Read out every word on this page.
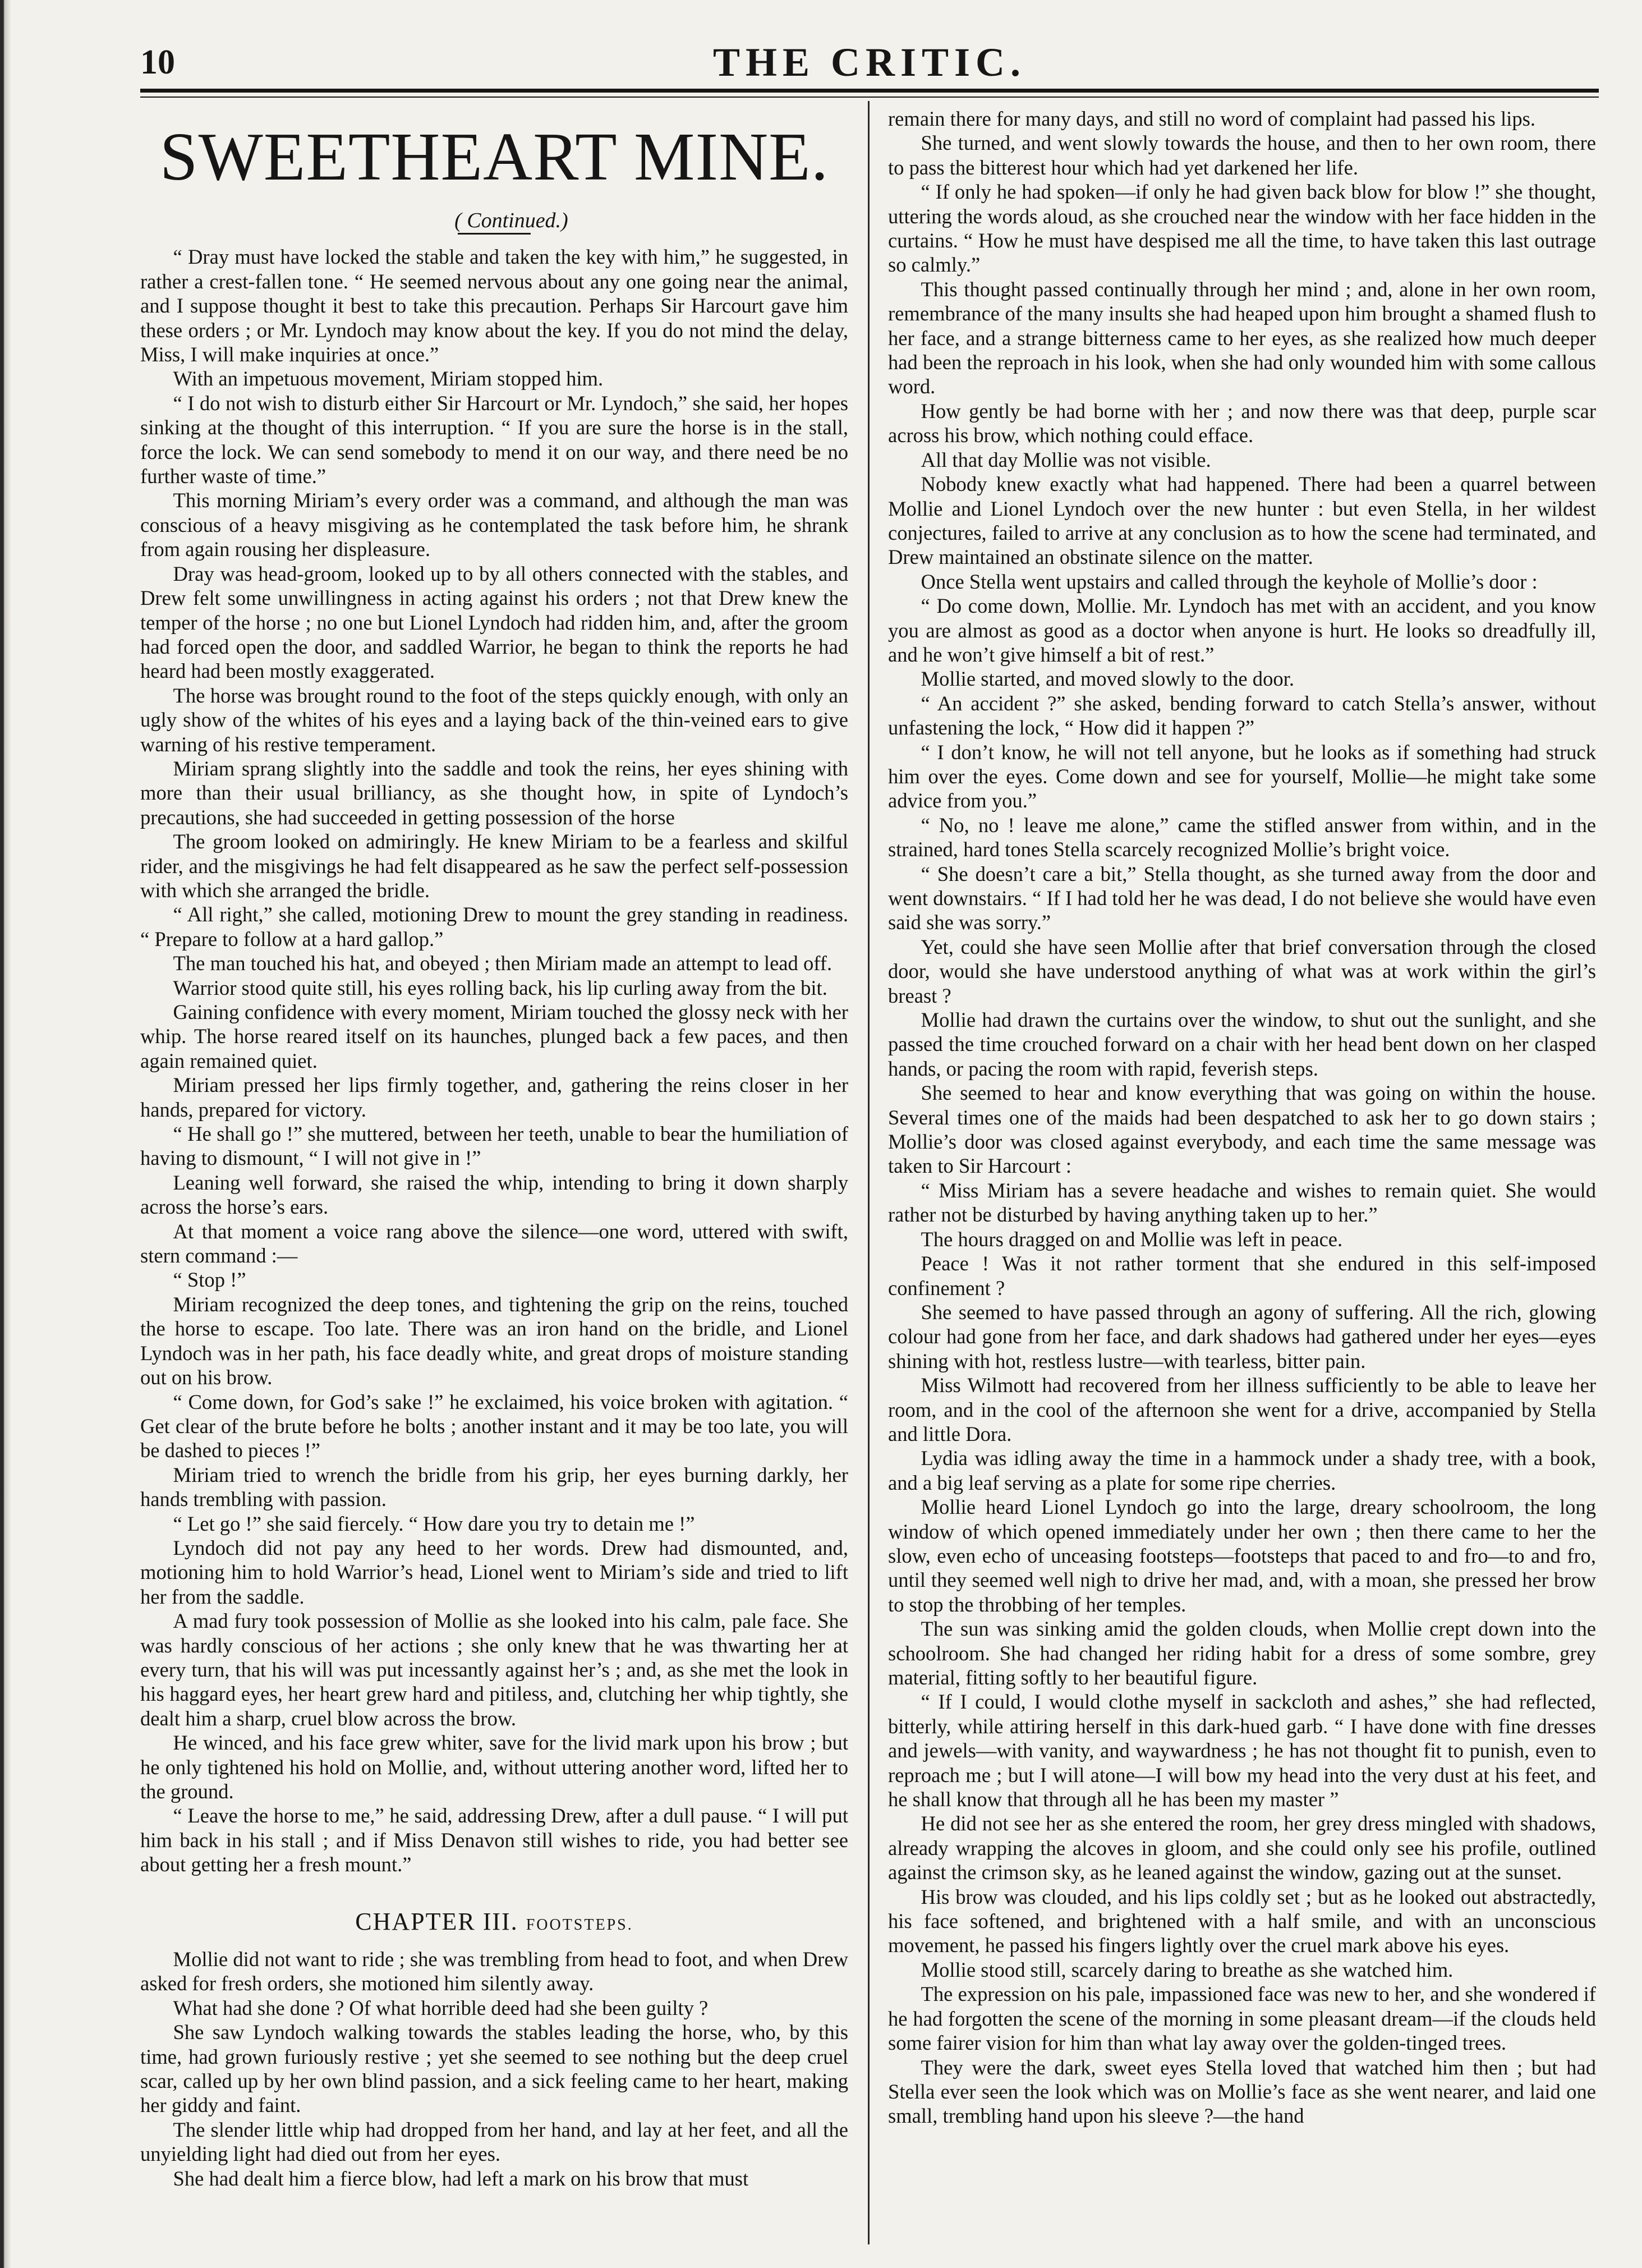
10	THE CRITIC.

SWEETHEART MINE.

( Continued.)

“ Dray must have locked the stable and taken the key with him,” he suggested, in rather a crest-fallen tone. “ He seemed nervous about any one going near the animal, and I suppose thought it best to take this precaution. Perhaps Sir Harcourt gave him these orders ; or Mr. Lyndoch may know about the key. If you do not mind the delay, Miss, I will make inquiries at once.”

With an impetuous movement, Miriam stopped him.

“ I do not wish to disturb either Sir Harcourt or Mr. Lyndoch,” she said, her hopes sinking at the thought of this interruption. “ If you are sure the horse is in the stall, force the lock. We can send somebody to mend it on our way, and there need be no further waste of time.”

This morning Miriam’s every order was a command, and although the man was conscious of a heavy misgiving as he contemplated the task before him, he shrank from again rousing her displeasure.

Dray was head-groom, looked up to by all others connected with the stables, and Drew felt some unwillingness in acting against his orders ; not that Drew knew the temper of the horse ; no one but Lionel Lyndoch had ridden him, and, after the groom had forced open the door, and saddled Warrior, he began to think the reports he had heard had been mostly exaggerated.

The horse was brought round to the foot of the steps quickly enough, with only an ugly show of the whites of his eyes and a laying back of the thin-veined ears to give warning of his restive temperament.

Miriam sprang slightly into the saddle and took the reins, her eyes shining with more than their usual brilliancy, as she thought how, in spite of Lyndoch’s precautions, she had succeeded in getting possession of the horse

The groom looked on admiringly. He knew Miriam to be a fearless and skilful rider, and the misgivings he had felt disappeared as he saw the perfect self-possession with which she arranged the bridle.

“ All right,” she called, motioning Drew to mount the grey standing in readiness. “ Prepare to follow at a hard gallop.”

The man touched his hat, and obeyed ; then Miriam made an attempt to lead off.

Warrior stood quite still, his eyes rolling back, his lip curling away from the bit.

Gaining confidence with every moment, Miriam touched the glossy neck with her whip. The horse reared itself on its haunches, plunged back a few paces, and then again remained quiet.

Miriam pressed her lips firmly together, and, gathering the reins closer in her hands, prepared for victory.

“ He shall go !” she muttered, between her teeth, unable to bear the humiliation of having to dismount, “ I will not give in !”

Leaning well forward, she raised the whip, intending to bring it down sharply across the horse’s ears.

At that moment a voice rang above the silence—one word, uttered with swift, stern command :—

“ Stop !”

Miriam recognized the deep tones, and tightening the grip on the reins, touched the horse to escape. Too late. There was an iron hand on the bridle, and Lionel Lyndoch was in her path, his face deadly white, and great drops of moisture standing out on his brow.

“ Come down, for God’s sake !” he exclaimed, his voice broken with agitation. “ Get clear of the brute before he bolts ; another instant and it may be too late, you will be dashed to pieces !”

Miriam tried to wrench the bridle from his grip, her eyes burning darkly, her hands trembling with passion.

“ Let go !” she said fiercely. “ How dare you try to detain me !”

Lyndoch did not pay any heed to her words. Drew had dismounted, and, motioning him to hold Warrior’s head, Lionel went to Miriam’s side and tried to lift her from the saddle.

A mad fury took possession of Mollie as she looked into his calm, pale face. She was hardly conscious of her actions ; she only knew that he was thwarting her at every turn, that his will was put incessantly against her’s ; and, as she met the look in his haggard eyes, her heart grew hard and pitiless, and, clutching her whip tightly, she dealt him a sharp, cruel blow across the brow.

He winced, and his face grew whiter, save for the livid mark upon his brow ; but he only tightened his hold on Mollie, and, without uttering another word, lifted her to the ground.

“ Leave the horse to me,” he said, addressing Drew, after a dull pause. “ I will put him back in his stall ; and if Miss Denavon still wishes to ride, you had better see about getting her a fresh mount.”

CHAPTER III. FOOTSTEPS.

Mollie did not want to ride ; she was trembling from head to foot, and when Drew asked for fresh orders, she motioned him silently away.

What had she done ? Of what horrible deed had she been guilty ?

She saw Lyndoch walking towards the stables leading the horse, who, by this time, had grown furiously restive ; yet she seemed to see nothing but the deep cruel scar, called up by her own blind passion, and a sick feeling came to her heart, making her giddy and faint.

The slender little whip had dropped from her hand, and lay at her feet, and all the unyielding light had died out from her eyes.

She had dealt him a fierce blow, had left a mark on his brow that must

remain there for many days, and still no word of complaint had passed his lips.

She turned, and went slowly towards the house, and then to her own room, there to pass the bitterest hour which had yet darkened her life.

“ If only he had spoken—if only he had given back blow for blow !” she thought, uttering the words aloud, as she crouched near the window with her face hidden in the curtains. “ How he must have despised me all the time, to have taken this last outrage so calmly.”

This thought passed continually through her mind ; and, alone in her own room, remembrance of the many insults she had heaped upon him brought a shamed flush to her face, and a strange bitterness came to her eyes, as she realized how much deeper had been the reproach in his look, when she had only wounded him with some callous word.

How gently be had borne with her ; and now there was that deep, purple scar across his brow, which nothing could efface.

All that day Mollie was not visible.

Nobody knew exactly what had happened. There had been a quarrel between Mollie and Lionel Lyndoch over the new hunter : but even Stella, in her wildest conjectures, failed to arrive at any conclusion as to how the scene had terminated, and Drew maintained an obstinate silence on the matter.

Once Stella went upstairs and called through the keyhole of Mollie’s door :

“ Do come down, Mollie. Mr. Lyndoch has met with an accident, and you know you are almost as good as a doctor when anyone is hurt. He looks so dreadfully ill, and he won’t give himself a bit of rest.”

Mollie started, and moved slowly to the door.

“ An accident ?” she asked, bending forward to catch Stella’s answer, without unfastening the lock, “ How did it happen ?”

“ I don’t know, he will not tell anyone, but he looks as if something had struck him over the eyes. Come down and see for yourself, Mollie—he might take some advice from you.”

“ No, no ! leave me alone,” came the stifled answer from within, and in the strained, hard tones Stella scarcely recognized Mollie’s bright voice.

“ She doesn’t care a bit,” Stella thought, as she turned away from the door and went downstairs. “ If I had told her he was dead, I do not believe she would have even said she was sorry.”

Yet, could she have seen Mollie after that brief conversation through the closed door, would she have understood anything of what was at work within the girl’s breast ?

Mollie had drawn the curtains over the window, to shut out the sunlight, and she passed the time crouched forward on a chair with her head bent down on her clasped hands, or pacing the room with rapid, feverish steps.

She seemed to hear and know everything that was going on within the house. Several times one of the maids had been despatched to ask her to go down stairs ; Mollie’s door was closed against everybody, and each time the same message was taken to Sir Harcourt :

“ Miss Miriam has a severe headache and wishes to remain quiet. She would rather not be disturbed by having anything taken up to her.”

The hours dragged on and Mollie was left in peace.

Peace ! Was it not rather torment that she endured in this self-imposed confinement ?

She seemed to have passed through an agony of suffering. All the rich, glowing colour had gone from her face, and dark shadows had gathered under her eyes—eyes shining with hot, restless lustre—with tearless, bitter pain.

Miss Wilmott had recovered from her illness sufficiently to be able to leave her room, and in the cool of the afternoon she went for a drive, accompanied by Stella and little Dora.

Lydia was idling away the time in a hammock under a shady tree, with a book, and a big leaf serving as a plate for some ripe cherries.

Mollie heard Lionel Lyndoch go into the large, dreary schoolroom, the long window of which opened immediately under her own ; then there came to her the slow, even echo of unceasing footsteps—footsteps that paced to and fro—to and fro, until they seemed well nigh to drive her mad, and, with a moan, she pressed her brow to stop the throbbing of her temples.

The sun was sinking amid the golden clouds, when Mollie crept down into the schoolroom. She had changed her riding habit for a dress of some sombre, grey material, fitting softly to her beautiful figure.

“ If I could, I would clothe myself in sackcloth and ashes,” she had reflected, bitterly, while attiring herself in this dark-hued garb. “ I have done with fine dresses and jewels—with vanity, and waywardness ; he has not thought fit to punish, even to reproach me ; but I will atone—I will bow my head into the very dust at his feet, and he shall know that through all he has been my master ”

He did not see her as she entered the room, her grey dress mingled with shadows, already wrapping the alcoves in gloom, and she could only see his profile, outlined against the crimson sky, as he leaned against the window, gazing out at the sunset.

His brow was clouded, and his lips coldly set ; but as he looked out abstractedly, his face softened, and brightened with a half smile, and with an unconscious movement, he passed his fingers lightly over the cruel mark above his eyes.

Mollie stood still, scarcely daring to breathe as she watched him.

The expression on his pale, impassioned face was new to her, and she wondered if he had forgotten the scene of the morning in some pleasant dream—if the clouds held some fairer vision for him than what lay away over the golden-tinged trees.

They were the dark, sweet eyes Stella loved that watched him then ; but had Stella ever seen the look which was on Mollie’s face as she went nearer, and laid one small, trembling hand upon his sleeve ?—the hand
